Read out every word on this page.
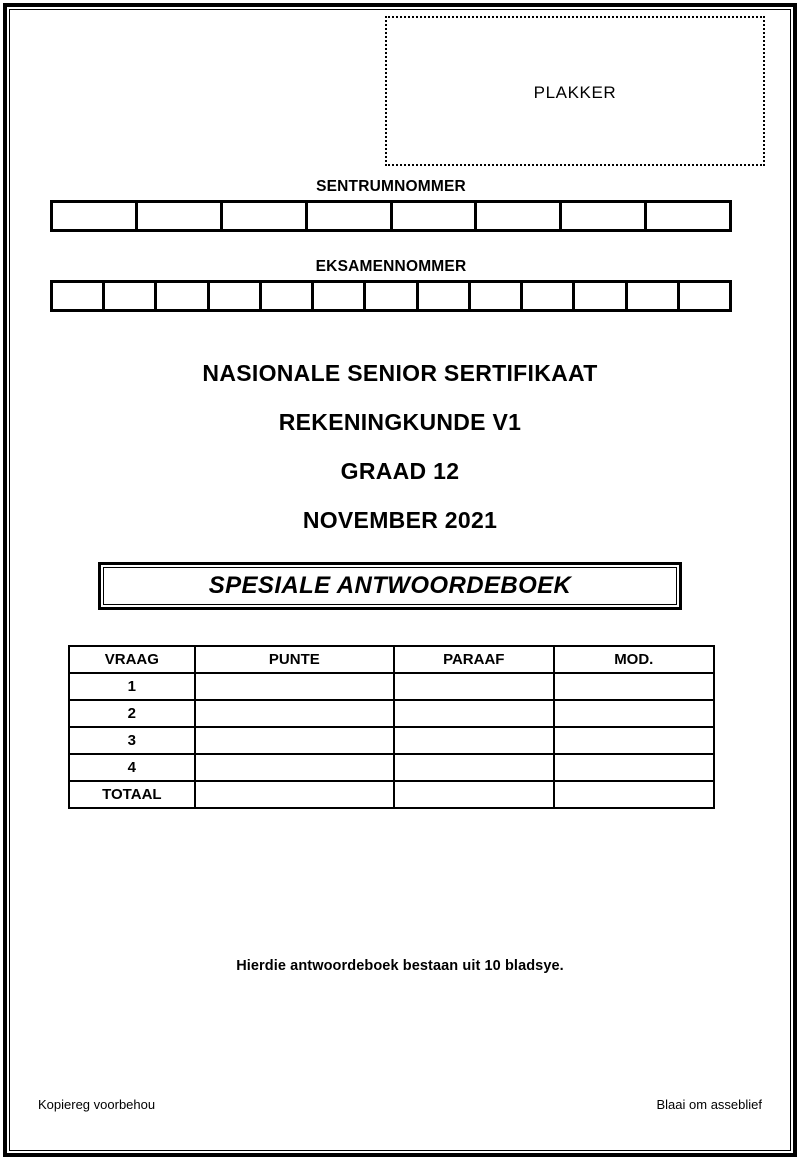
PLAKKER
SENTRUMNOMMER
EKSAMENNOMMER
NASIONALE SENIOR SERTIFIKAAT
REKENINGKUNDE V1
GRAAD 12
NOVEMBER 2021
SPESIALE ANTWOORDEBOEK
VRAAG	PUNTE	PARAAF	MOD.
1			
2			
3			
4			
TOTAAL			
Hierdie antwoordeboek bestaan uit 10 bladsye.
Kopiereg voorbehou	Blaai om asseblief
